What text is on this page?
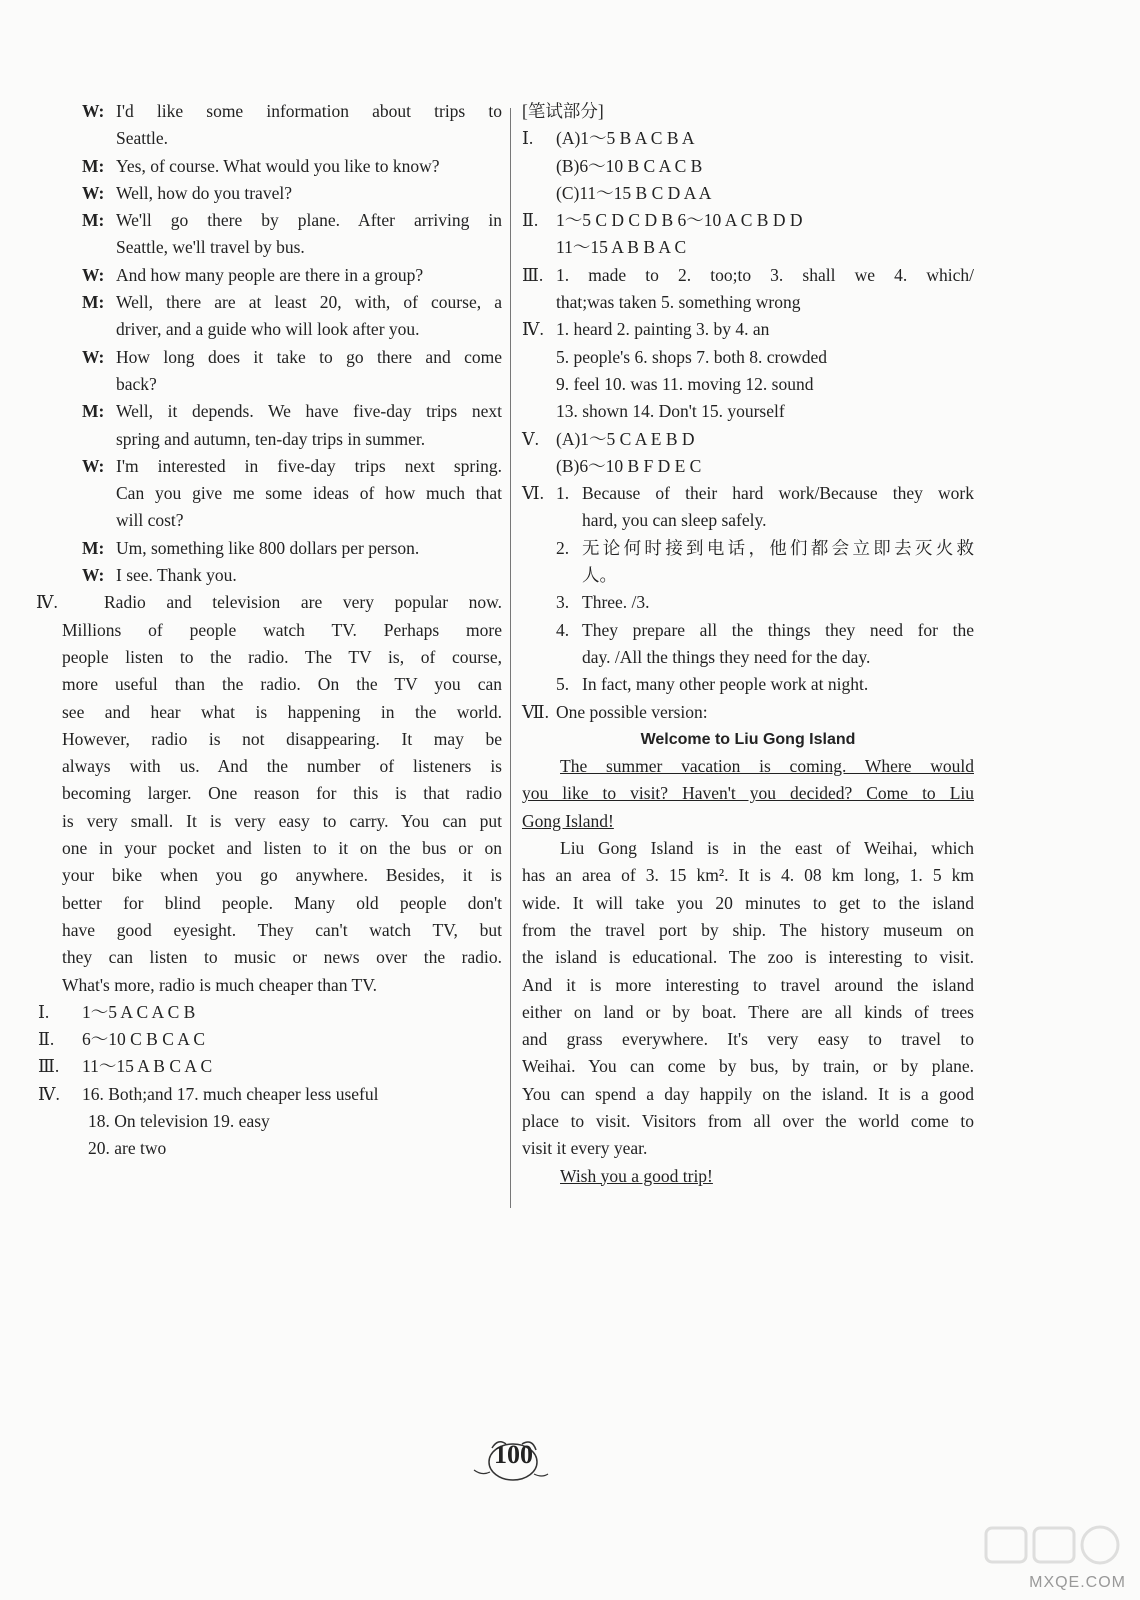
W: I'd like some information about trips to
Seattle.
M: Yes, of course. What would you like to know?
W: Well, how do you travel?
M: We'll go there by plane. After arriving in
Seattle, we'll travel by bus.
W: And how many people are there in a group?
M: Well, there are at least 20, with, of course, a
driver, and a guide who will look after you.
W: How long does it take to go there and come
back?
M: Well, it depends. We have five-day trips next
spring and autumn, ten-day trips in summer.
W: I'm interested in five-day trips next spring.
Can you give me some ideas of how much that
will cost?
M: Um, something like 800 dollars per person.
W: I see. Thank you.
Ⅳ.	Radio and television are very popular now.
Millions of people watch TV. Perhaps more
people listen to the radio. The TV is, of course,
more useful than the radio. On the TV you can
see and hear what is happening in the world.
However, radio is not disappearing. It may be
always with us. And the number of listeners is
becoming larger. One reason for this is that radio
is very small. It is very easy to carry. You can put
one in your pocket and listen to it on the bus or on
your bike when you go anywhere. Besides, it is
better for blind people. Many old people don't
have good eyesight. They can't watch TV, but
they can listen to music or news over the radio.
What's more, radio is much cheaper than TV.
Ⅰ.	1～5 A C A C B
Ⅱ.	6～10 C B C A C
Ⅲ.	11～15 A B C A C
Ⅳ.	16. Both;and 17. much cheaper less useful
18. On television 19. easy
20. are two
[笔试部分]
Ⅰ.	(A)1～5 B A C B A
(B)6～10 B C A C B
(C)11～15 B C D A A
Ⅱ.	1～5 C D C D B 6～10 A C B D D
11～15 A B B A C
Ⅲ. 1. made to 2. too;to 3. shall we 4. which/
that;was taken 5. something wrong
Ⅳ. 1. heard 2. painting 3. by 4. an
5. people's 6. shops 7. both 8. crowded
9. feel 10. was 11. moving 12. sound
13. shown 14. Don't 15. yourself
Ⅴ. (A)1～5 C A E B D
(B)6～10 B F D E C
Ⅵ. 1. Because of their hard work/Because they work
hard, you can sleep safely.
2. 无论何时接到电话，他们都会立即去灭火救
人。
3. Three. /3.
4. They prepare all the things they need for the
day. /All the things they need for the day.
5. In fact, many other people work at night.
Ⅶ. One possible version:
Welcome to Liu Gong Island
The summer vacation is coming. Where would
you like to visit? Haven't you decided? Come to Liu
Gong Island!
Liu Gong Island is in the east of Weihai, which
has an area of 3. 15 km². It is 4. 08 km long, 1. 5 km
wide. It will take you 20 minutes to get to the island
from the travel port by ship. The history museum on
the island is educational. The zoo is interesting to visit.
And it is more interesting to travel around the island
either on land or by boat. There are all kinds of trees
and grass everywhere. It's very easy to travel to
Weihai. You can come by bus, by train, or by plane.
You can spend a day happily on the island. It is a good
place to visit. Visitors from all over the world come to
visit it every year.
Wish you a good trip!
100
MXQE.COM
